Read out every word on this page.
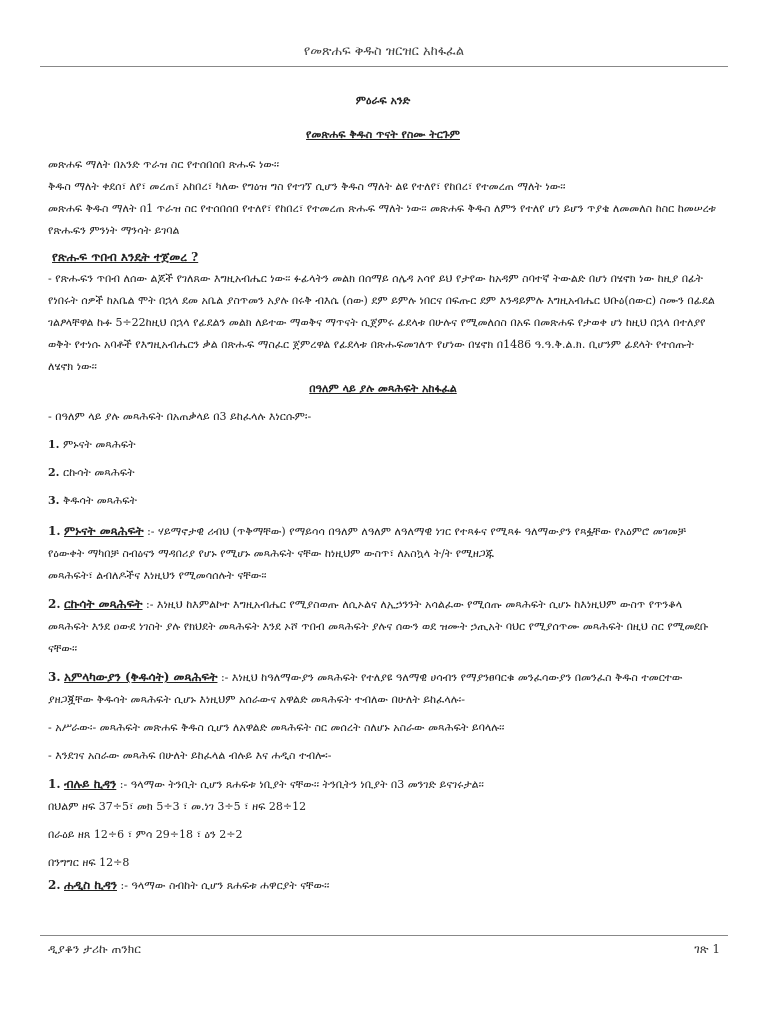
የመጽሐፍ ቅዱስ ዝርዝር አከፋፈል

ምዕራፍ አንድ

የመጽሐፍ ቅዱስ ጥናት የስሙ ትርጉም

መጽሐፍ ማለት በአንድ ጥራዝ ስር የተሰበሰበ ጽሑፍ ነው፡፡

ቅዱስ ማለት ቀደሰ፣ ለየ፣ መረጠ፣ አከበረ፣ ካለው የግዕዝ ግስ የተገኘ ሲሆን ቅዱስ ማለት ልዩ የተለየ፣ የከበረ፣ የተመረጠ ማለት ነው፡፡

መጽሐፍ ቅዱስ ማለት በ1 ጥራዝ ስር የተሰበሰበ የተለየ፣ የከበረ፣ የተመረጠ ጽሑፍ ማለት ነው፡፡ መጽሐፍ ቅዱስ ለምን የተለየ ሆነ ይሆን ጥያቄ ለመመለስ ከስር ከመሠረቱ የጽሑፍን ምንነት ማንሳት ይገባል

የጽሑፍ ጥበብ እንዴት ተጀመረ ?

- የጽሑፍን ጥበብ ለሰው ልጆች የገለጸው እግዚአብሔር ነው፡፡ ፉፊላትን መልክ በሰማይ ሰሌዳ አሳየ ይህ የታየው ከአዳም ስባተኛ ትውልድ በሆነ በሄኖክ ነው ከዚያ በፊት የነበሩት ሰዎች ከአቤል ሞት በኋላ ደመ አቤል ያስጥመን አያሉ በሩቅ ብእሴ (ሰው) ደም ይምሉ ነበርና በፍጡር ደም እንዳይምሉ እግዚአብሔር ህቡዕ(ሰውር) ስሙን በፊደል ገልፆላቸዋል ኩፉ 5÷22ከዚህ በኋላ የፊደልን መልክ ለይተው ማወቅና ማጥናት ሲጀምሩ ፊደላቱ በሁሉና የሚመለሰስ በአፍ በመጽሐፍ የታወቀ ሆነ ከዚህ በኋላ በተለያየ ወቅት የተነሱ አባቶች የእግዚአብሔርን ቃል በጽሑፍ ማስፈር ጀምረዋል የፊደላቱ በጽሑፍመገለጥ የሆነው በሄኖክ በ1486 ዓ.ዓ.ቅ.ል.ክ. ቢሆንም ፊደላት የተሰጡት ለሄኖክ ነው፡፡

በዓለም ላይ ያሉ መጻሕፍት አከፋፈል

- በዓለም ላይ ያሉ መጻሕፍት በአጠቃላይ በ3 ይከፈላሉ እነርሱም፡-

1. ምኑናት መጻሕፍት

2. ርኩሳት መጻሕፍት

3. ቅዱሳት መጻሕፍት

1. ምኑናት መጻሕፍት :- ሃይማኖታዊ ሪብህ (ጥቅማቸው) የማይሳሳ በዓለም ለዓለም ለዓለማዊ ነገር የተጻፉና የሚጻፉ ዓለማውያን የጻፏቸው የአዕምሮ መገመቻ የዕውቀት ማካበቻ ስብዕናን ማዳበሪያ የሆኑ የሚሆኑ መጻሕፍት ናቸው ከነዚህም ውስጥ፣ ለአስኳላ ት/ት የሚዘጋጁ

መጻሕፍት፣ ልብለዶችና እነዚህን የሚመሳሰሉት ናቸው፡፡

2. ርኩሳት መጻሕፍት :- እነዚህ ከእምልኮተ እግዚአብሔር የሚያስወጡ ለሲኦልና ለኢኃንንት አሳልፈው የሚሰጡ መጻሕፍት ሲሆኑ ከእነዚህም ውስጥ የጥንቆላ መጻሕፍት እንደ ዐውደ ነገስት ያሉ የክህደት መጻሕፍት እንደ ኦሾ ጥበብ መጻሕፍት ያሉና ሰውን ወደ ዝሙት ኃጢአት ባህር የሚያሰጥሙ መጻሕፍት በዚህ ስር የሚመደቡ ናቸው፡፡

3. አምላካውያን (ቅዱሳት) መጻሕፍት :- እነዚህ ከዓለማውያን መጻሕፍት የተለያዩ ዓለማዊ ሀሳብን የማያንፀባርቁ መንፈሳውያን በመንፈስ ቅዱስ ተመርተው ያዘጋጇቸው ቅዱሳት መጻሕፍት ሲሆኑ እነዚህም አሰራውና አዋልድ መጻሕፍት ተብለው በሁለት ይከፈላሉ፡-

- አሥራው፡- መጻሕፍት መጽሐፍ ቅዱስ ሲሆን ለአዋልድ መጻሕፍት ስር መሰረት ስለሆኑ አስራው መጻሕፍት ይባላሉ፡፡

- እንደገና አስራው መጻሕፍ በሁለት ይከፈላል ብሉይ እና ሐዲስ ተብሎ፡-

1. ብሉይ ኪዳን :- ዓላማው ትንቢት ሲሆን ጸሐፍቱ ነቢያት ናቸው፡፡ ትንቢትን ነቢያት በ3 መንገድ ይናገሩታል፡፡

በህልም ዘፍ 37÷5፣ መክ 5÷3 ፣ መ.ነገ 3÷5 ፣ ዘፍ 28÷12

በራዕይ ዘጸ 12÷6 ፣ ምሳ 29÷18 ፣ ዕን 2÷2

በንግግር ዘፍ 12÷8

2. ሐዲስ ኪዳን :- ዓላማው ስብከት ሲሆን ጸሐፍቱ ሐዋርያት ናቸው፡፡

ዲያቆን ታሪኩ ጠንክር	ገጽ 1
